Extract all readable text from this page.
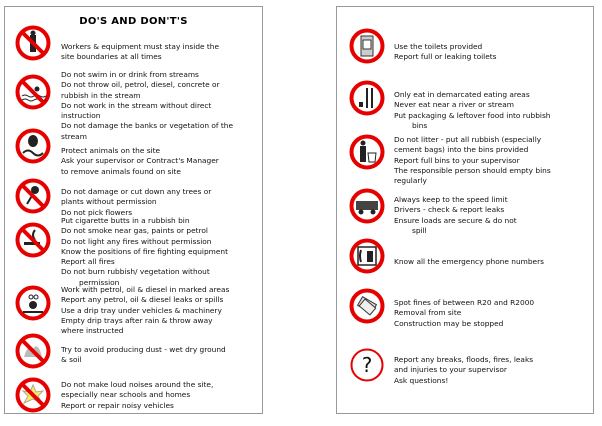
DO'S AND DON'T'S
Workers & equipment must stay inside the
site boundaries at all times
Do not swim in or drink from streams
Do not throw oil, petrol, diesel, concrete or
rubbish in the stream
Do not work in the stream without direct
instruction
Do not damage the banks or vegetation of the
stream
Protect animals on the site
Ask your supervisor or Contract's Manager
to remove animals found on site
Do not damage or cut down any trees or
plants without permission
Do not pick flowers
Put cigarette butts in a rubbish bin
Do not smoke near gas, paints or petrol
Do not light any fires without permission
Know the positions of fire fighting equipment
Report all fires
Do not burn rubbish/ vegetation without
permission
Work with petrol, oil & diesel in marked areas
Report any petrol, oil & diesel leaks or spills
Use a drip tray under vehicles & machinery
Empty drip trays after rain & throw away
where instructed
Try to avoid producing dust - wet dry ground
& soil
Do not make loud noises around the site,
especially near schools and homes
Report or repair noisy vehicles
Use the toilets provided
Report full or leaking toilets
Only eat in demarcated eating areas
Never eat near a river or stream
Put packaging & leftover food into rubbish
bins
Do not litter - put all rubbish (especially
cement bags) into the bins provided
Report full bins to your supervisor
The responsible person should empty bins
regularly
Always keep to the speed limit
Drivers - check & report leaks
Ensure loads are secure & do not
spill
Know all the emergency phone numbers
Spot fines of between R20 and R2000
Removal from site
Construction may be stopped
?	Report any breaks, floods, fires, leaks
and injuries to your supervisor
Ask questions!
